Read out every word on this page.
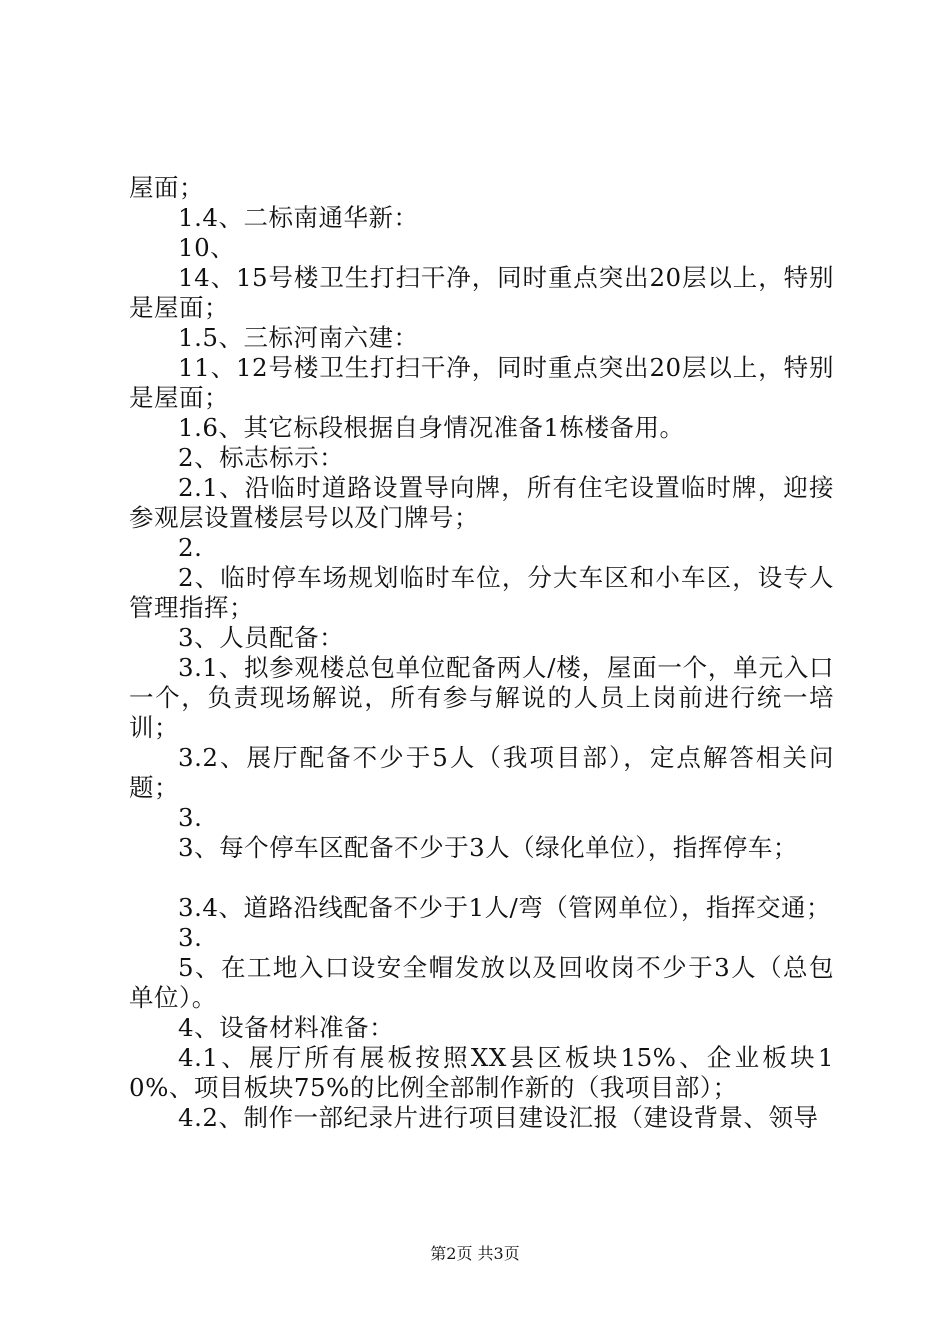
屋面；

1.4、二标南通华新：

10、

14、15号楼卫生打扫干净，同时重点突出20层以上，特别是屋面；

1.5、三标河南六建：

11、12号楼卫生打扫干净，同时重点突出20层以上，特别是屋面；

1.6、其它标段根据自身情况准备1栋楼备用。

2、标志标示：

2.1、沿临时道路设置导向牌，所有住宅设置临时牌，迎接参观层设置楼层号以及门牌号；

2.

2、临时停车场规划临时车位，分大车区和小车区，设专人管理指挥；

3、人员配备：

3.1、拟参观楼总包单位配备两人/楼，屋面一个，单元入口一个，负责现场解说，所有参与解说的人员上岗前进行统一培训；

3.2、展厅配备不少于5人（我项目部），定点解答相关问题；

3.

3、每个停车区配备不少于3人（绿化单位），指挥停车；

3.4、道路沿线配备不少于1人/弯（管网单位），指挥交通；

3.

5、在工地入口设安全帽发放以及回收岗不少于3人（总包单位）。

4、设备材料准备：

4.1、展厅所有展板按照XX县区板块15%、企业板块10%、项目板块75%的比例全部制作新的（我项目部）；

4.2、制作一部纪录片进行项目建设汇报（建设背景、领导

第2页 共3页
